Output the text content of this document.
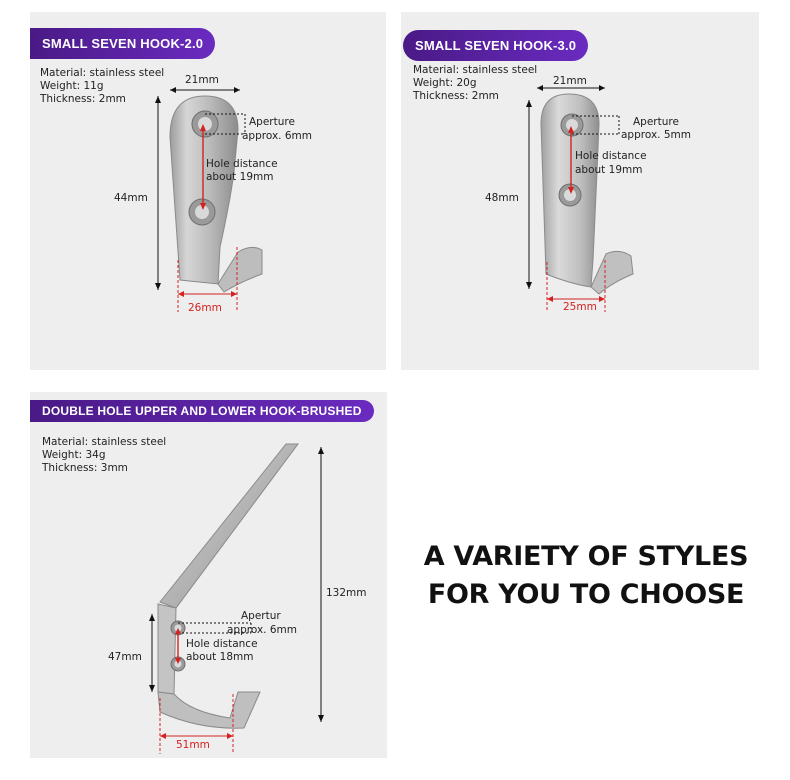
SMALL SEVEN HOOK-2.0
Material: stainless steel
Weight: 11g
Thickness: 2mm
21mm
Aperture
approx. 6mm
Hole distance
about 19mm
44mm
26mm
SMALL SEVEN HOOK-3.0
Material: stainless steel
Weight: 20g
Thickness: 2mm
21mm
Aperture
approx. 5mm
Hole distance
about 19mm
48mm
25mm
DOUBLE HOLE UPPER AND LOWER HOOK-BRUSHED
Material: stainless steel
Weight: 34g
Thickness: 3mm
132mm
Apertur
approx. 6mm
Hole distance
about 18mm
47mm
51mm
A VARIETY OF STYLES
FOR YOU TO CHOOSE
